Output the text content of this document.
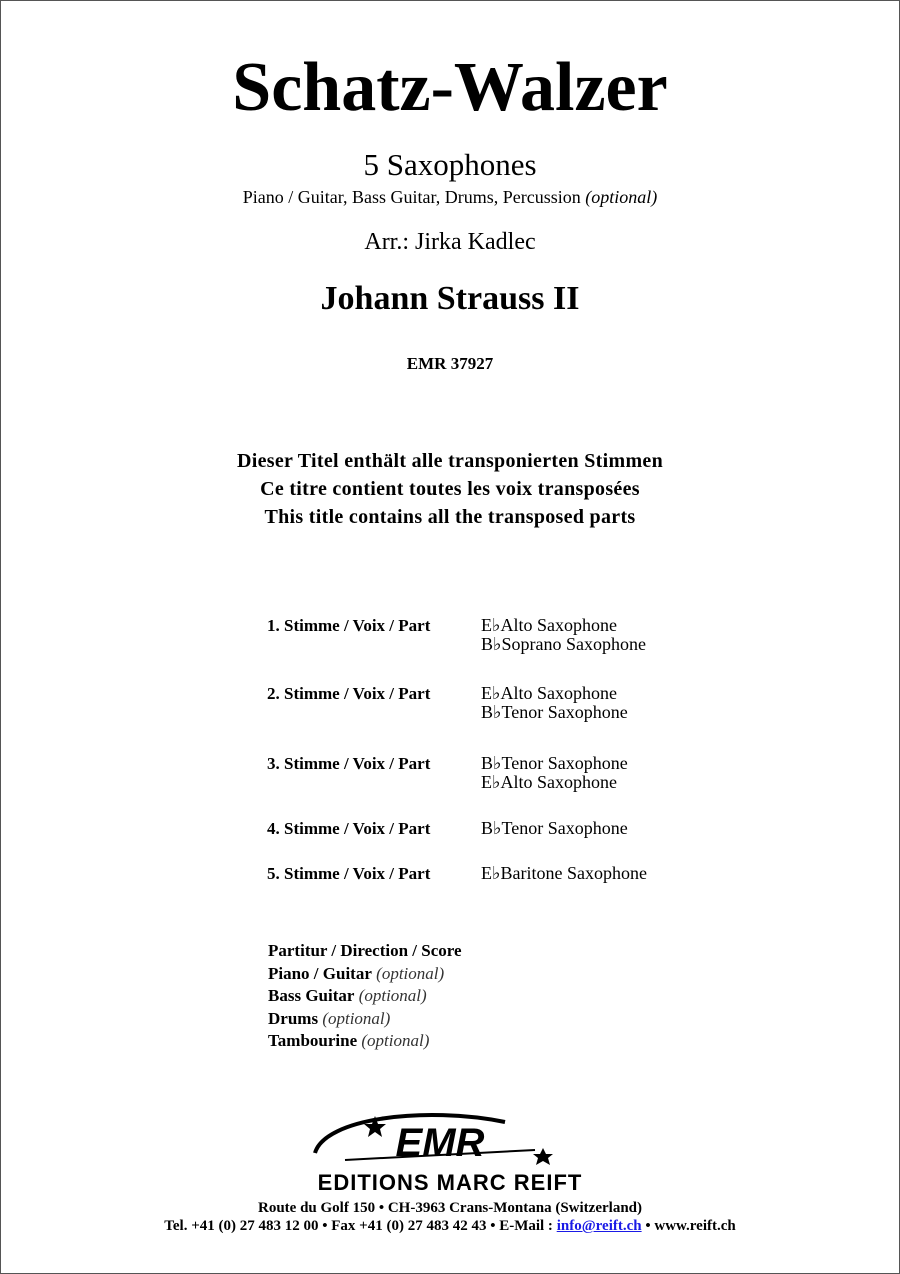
Schatz-Walzer
5 Saxophones
Piano / Guitar, Bass Guitar, Drums, Percussion (optional)
Arr.: Jirka Kadlec
Johann Strauss II
EMR 37927
Dieser Titel enthält alle transponierten Stimmen
Ce titre contient toutes les voix transposées
This title contains all the transposed parts
1. Stimme / Voix / Part	E♭Alto Saxophone
B♭Soprano Saxophone
2. Stimme / Voix / Part	E♭Alto Saxophone
B♭Tenor Saxophone
3. Stimme / Voix / Part	B♭Tenor Saxophone
E♭Alto Saxophone
4. Stimme / Voix / Part	B♭Tenor Saxophone
5. Stimme / Voix / Part	E♭Baritone Saxophone
Partitur / Direction / Score
Piano / Guitar (optional)
Bass Guitar (optional)
Drums (optional)
Tambourine (optional)
EMR
EDITIONS MARC REIFT
Route du Golf 150 • CH-3963 Crans-Montana (Switzerland)
Tel. +41 (0) 27 483 12 00 • Fax +41 (0) 27 483 42 43 • E-Mail : info@reift.ch • www.reift.ch
